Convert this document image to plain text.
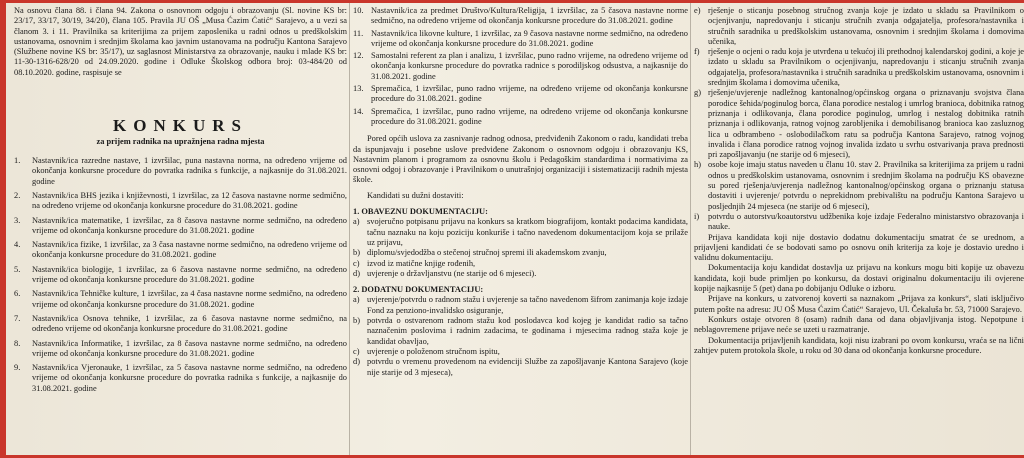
Na osnovu člana 88. i člana 94. Zakona o osnovnom odgoju i obrazovanju (Sl. novine KS br: 23/17, 33/17, 30/19, 34/20), člana 105. Pravila JU OŠ „Musa Ćazim Ćatić“ Sarajevo, a u vezi sa članom 3. i 11. Pravilnika sa kriterijima za prijem zaposlenika u radni odnos u predškolskim ustanovama, osnovnim i srednjim školama kao javnim ustanovama na području Kantona Sarajevo (Službene novine KS br: 35/17), uz saglasnost Ministarstva za obrazovanje, nauku i mladе KS br: 11-30-1316-628/20 od 24.09.2020. godine i Odluke Školskog odbora broj: 03-484/20 od 08.10.2020. godine, raspisuje se

KONKURS
za prijem radnika na upražnjena radna mjesta
1. Nastavnik/ica razredne nastave, 1 izvršilac, puna nastavna norma, na određeno vrijeme od okončanja konkursne procedure do povratka radnika s funkcije, a najkasnije do 31.08.2021. godine
2. Nastavnik/ica BHS jezika i književnosti, 1 izvršilac, za 12 časova nastavne norme sedmično, na određeno vrijeme od okončanja konkursne procedure do 31.08.2021. godine
3. Nastavnik/ica matematike, 1 izvršilac, za 8 časova nastavne norme sedmično, na određeno vrijeme od okončanja konkursne procedure do 31.08.2021. godine
4. Nastavnik/ica fizike, 1 izvršilac, za 3 časa nastavne norme sedmično, na određeno vrijeme od okončanja konkursne procedure do 31.08.2021. godine
5. Nastavnik/ica biologije, 1 izvršilac, za 6 časova nastavne norme sedmično, na određeno vrijeme od okončanja konkursne procedure do 31.08.2021. godine
6. Nastavnik/ica Tehničke kulture, 1 izvršilac, za 4 časa nastavne norme sedmično, na određeno vrijeme od okončanja konkursne procedure do 31.08.2021. godine
7. Nastavnik/ica Osnova tehnike, 1 izvršilac, za 6 časova nastavne norme sedmično, na određeno vrijeme od okončanja konkursne procedure do 31.08.2021. godine
8. Nastavnik/ica Informatike, 1 izvršilac, za 8 časova nastavne norme sedmično, na određeno vrijeme od okončanja konkursne procedure do 31.08.2021. godine
9. Nastavnik/ica Vjeronauke, 1 izvršilac, za 5 časova nastavne norme sedmično, na određeno vrijeme od okončanja konkursne procedure do povratka radnika s funkcije, a najkasnije do 31.08.2021. godine
10. Nastavnik/ica za predmet Društvo/Kultura/Religija, 1 izvršilac, za 5 časova nastavne norme sedmično, na određeno vrijeme od okončanja konkursne procedure do 31.08.2021. godine
11. Nastavnik/ica likovne kulture, 1 izvršilac, za 9 časova nastavne norme sedmično, na određeno vrijeme od okončanja konkursne procedure do 31.08.2021. godine
12. Samostalni referent za plan i analizu, 1 izvršilac, puno radno vrijeme, na određeno vrijeme od okončanja konkursne procedure do povratka radnice s porodiljskog odsustva, a najkasnije do 31.08.2021. godine
13. Spremačica, 1 izvršilac, puno radno vrijeme, na određeno vrijeme od okončanja konkursne procedure do 31.08.2021. godine
14. Spremačica, 1 izvršilac, puno radno vrijeme, na određeno vrijeme od okončanja konkursne procedure do 31.08.2021. godine

Pored općih uslova za zasnivanje radnog odnosa, predviđenih Zakonom o radu, kandidati treba da ispunjavaju i posebne uslove predviđene Zakonom o osnovnom odgoju i obrazovanju KS, Nastavnim planom i programom za osnovnu školu i Pedagoškim standardima i normativima za osnovni odgoj i obrazovanje i Pravilnikom o unutrašnjoj organizaciji i sistematizaciji radnih mjesta škole.

Kandidati su dužni dostaviti:

1. OBAVEZNU DOKUMENTACIJU:

a) svojeručno potpisanu prijavu na konkurs sa kratkom biografijom, kontakt podacima kandidata, tačnu naznaku na koju poziciju konkuriše i tačno navedenom dokumentacijom koja se prilaže uz prijavu,
b) diplomu/svjedodžba o stečenoj stručnoj spremi ili akademskom zvanju,
c) izvod iz matične knjige rođenih,
d) uvjerenje o državljanstvu (ne starije od 6 mjeseci).

2. DODATNU DOKUMENTACIJU:

a) uvjerenje/potvrdu o radnom stažu i uvjerenje sa tačno navedenom šifrom zanimanja koje izdaje Fond za penziono-invalidsko osiguranje,
b) potvrda o ostvarenom radnom stažu kod poslodavca kod kojeg je kandidat radio sa tačno naznačenim poslovima i radnim zadacima, te godinama i mjesecima radnog staža koje je kandidat obavljao,
c) uvjerenje o položenom stručnom ispitu,
d) potvrdu o vremenu provedenom na evidenciji Službe za zapošljavanje Kantona Sarajevo (koje nije starije od 3 mjeseca),
e) rješenje o sticanju posebnog stručnog zvanja koje je izdato u skladu sa Pravilnikom o ocjenjivanju, napredovanju i sticanju stručnih zvanja odgajatelja, profesora/nastavnika i stručnih saradnika u predškolskim ustanovama, osnovnim i srednjim školama i domovima učenika,
f) rješenje o ocjeni o radu koja je utvrđena u tekućoj ili prethodnoj kalendarskoj godini, a koje je izdato u skladu sa Pravilnikom o ocjenjivanju, napredovanju i sticanju stručnih zvanja odgajatelja, profesora/nastavnika i stručnih saradnika u predškolskim ustanovama, osnovnim i srednjim školama i domovima učenika,
g) rješenje/uvjerenje nadležnog kantonalnog/općinskog organa o priznavanju svojstva člana porodice šehida/poginulog borca, člana porodice nestalog i umrlog branioca, dobitnika ratnog priznanja i odlikovanja, člana porodice poginulog, umrlog i nestalog dobitnika ratnih priznanja i odlikovanja, ratnog vojnog zarobljenika i demobilisanog branioca kao zasluznog lica u odbrambeno - oslobodilačkom ratu sa područja Kantona Sarajevo, ratnog vojnog invalida i člana porodice ratnog vojnog invalida izdato u svrhu ostvarivanja prava prednosti pri zapošljavanju (ne starije od 6 mjeseci),
h) osobe koje imaju status naveden u članu 10. stav 2. Pravilnika sa kriterijima za prijem u radni odnos u predškolskim ustanovama, osnovnim i srednjim školama na području KS obavezne su pored rješenja/uvjerenja nadležnog kantonalnog/općinskog organa o priznanju statusa dostaviti i uvjerenje/ potvrdu o neprekidnom prebivalištu na području Kantona Sarajevo u posljednjih 24 mjeseca (ne starije od 6 mjeseci),
i) potvrdu o autorstvu/koautorstvu udžbenika koje izdaje Federalno ministarstvo obrazovanja i nauke.

Prijava kandidata koji nije dostavio dodatnu dokumentaciju smatrat će se urednom, a prijavljeni kandidati će se bodovati samo po osnovu onih kriterija za koje je dostavio uredno i validnu dokumentaciju.

Dokumentacija koju kandidat dostavlja uz prijavu na konkurs mogu biti kopije uz obavezu kandidata, koji bude primljen po konkursu, da dostavi originalnu dokumentaciju ili ovjerene kopije najkasnije 5 (pet) dana po dobijanju Odluke o izboru.

Prijave na konkurs, u zatvorenoj koverti sa naznakom „Prijava za konkurs“, slati isključivo putem pošte na adresu: JU OŠ Musa Ćazim Ćatić“ Sarajevo, Ul. Čekaluša br. 53, 71000 Sarajevo.

Konkurs ostaje otvoren 8 (osam) radnih dana od dana objavljivanja istog. Nepotpune i neblagovremene prijave neće se uzeti u razmatranje.

Dokumentacija prijavljenih kandidata, koji nisu izabrani po ovom konkursu, vraća se na lični zahtjev putem protokola škole, u roku od 30 dana od okončanja konkursne procedure.
